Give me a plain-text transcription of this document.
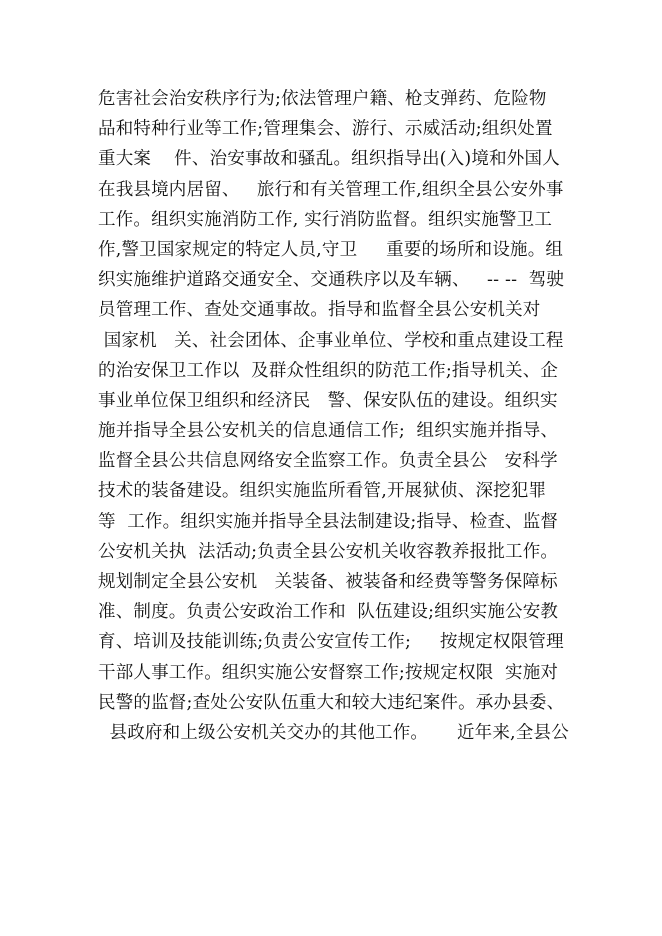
危害社会治安秩序行为;依法管理户籍、枪支弹药、危险物
品和特种行业等工作;管理集会、游行、示威活动;组织处置
重大案    件、治安事故和骚乱。组织指导出(入)境和外国人
在我县境内居留、   旅行和有关管理工作,组织全县公安外事
工作。组织实施消防工作, 实行消防监督。组织实施警卫工
作,警卫国家规定的特定人员,守卫     重要的场所和设施。组
织实施维护道路交通安全、交通秩序以及车辆、   -- --  驾驶
员管理工作、查处交通事故。指导和监督全县公安机关对
国家机   关、社会团体、企事业单位、学校和重点建设工程
的治安保卫工作以  及群众性组织的防范工作;指导机关、企
事业单位保卫组织和经济民   警、保安队伍的建设。组织实
施并指导全县公安机关的信息通信工作;  组织实施并指导、
监督全县公共信息网络安全监察工作。负责全县公   安科学
技术的装备建设。组织实施监所看管,开展狱侦、深挖犯罪
等  工作。组织实施并指导全县法制建设;指导、检查、监督
公安机关执  法活动;负责全县公安机关收容教养报批工作。
规划制定全县公安机   关装备、被装备和经费等警务保障标
准、制度。负责公安政治工作和  队伍建设;组织实施公安教
育、培训及技能训练;负责公安宣传工作;     按规定权限管理
干部人事工作。组织实施公安督察工作;按规定权限  实施对
民警的监督;查处公安队伍重大和较大违纪案件。承办县委、
县政府和上级公安机关交办的其他工作。     近年来,全县公
